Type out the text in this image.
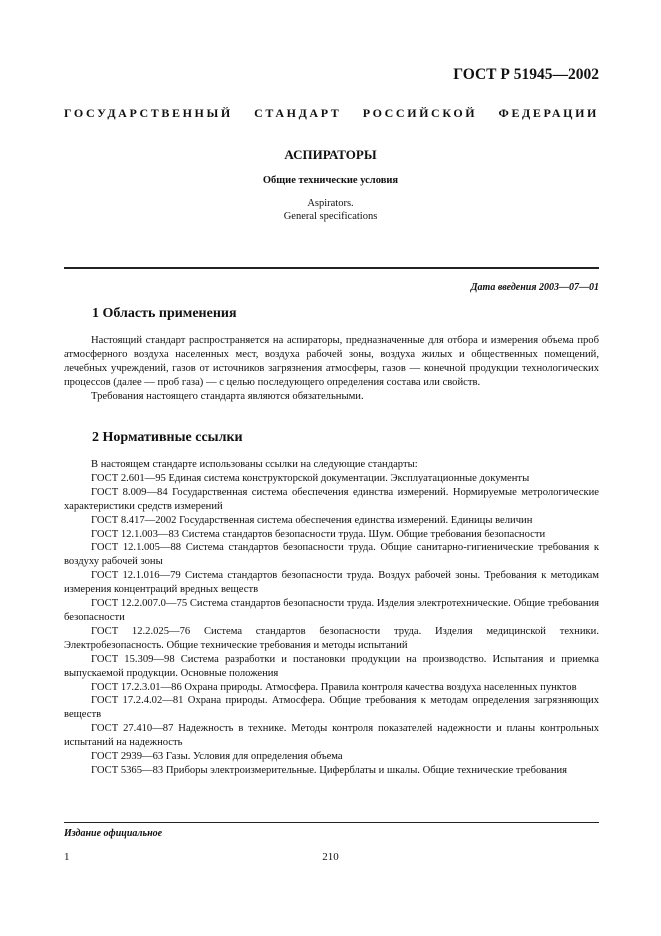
ГОСТ Р 51945—2002
ГОСУДАРСТВЕННЫЙ СТАНДАРТ РОССИЙСКОЙ ФЕДЕРАЦИИ
АСПИРАТОРЫ
Общие технические условия
Aspirators.
General specifications
Дата введения 2003—07—01
1 Область применения

Настоящий стандарт распространяется на аспираторы, предназначенные для отбора и измерения объема проб атмосферного воздуха населенных мест, воздуха рабочей зоны, воздуха жилых и общественных помещений, лечебных учреждений, газов от источников загрязнения атмосферы, газов — конечной продукции технологических процессов (далее — проб газа) — с целью последующего определения состава или свойств.

Требования настоящего стандарта являются обязательными.

2 Нормативные ссылки

В настоящем стандарте использованы ссылки на следующие стандарты:

ГОСТ 2.601—95 Единая система конструкторской документации. Эксплуатационные документы

ГОСТ 8.009—84 Государственная система обеспечения единства измерений. Нормируемые метрологические характеристики средств измерений

ГОСТ 8.417—2002 Государственная система обеспечения единства измерений. Единицы величин

ГОСТ 12.1.003—83 Система стандартов безопасности труда. Шум. Общие требования безопасности

ГОСТ 12.1.005—88 Система стандартов безопасности труда. Общие санитарно-гигиенические требования к воздуху рабочей зоны

ГОСТ 12.1.016—79 Система стандартов безопасности труда. Воздух рабочей зоны. Требования к методикам измерения концентраций вредных веществ

ГОСТ 12.2.007.0—75 Система стандартов безопасности труда. Изделия электротехнические. Общие требования безопасности

ГОСТ 12.2.025—76 Система стандартов безопасности труда. Изделия медицинской техники. Электробезопасность. Общие технические требования и методы испытаний

ГОСТ 15.309—98 Система разработки и постановки продукции на производство. Испытания и приемка выпускаемой продукции. Основные положения

ГОСТ 17.2.3.01—86 Охрана природы. Атмосфера. Правила контроля качества воздуха населенных пунктов

ГОСТ 17.2.4.02—81 Охрана природы. Атмосфера. Общие требования к методам определения загрязняющих веществ

ГОСТ 27.410—87 Надежность в технике. Методы контроля показателей надежности и планы контрольных испытаний на надежность

ГОСТ 2939—63 Газы. Условия для определения объема

ГОСТ 5365—83 Приборы электроизмерительные. Циферблаты и шкалы. Общие технические требования

Издание официальное
1	210
